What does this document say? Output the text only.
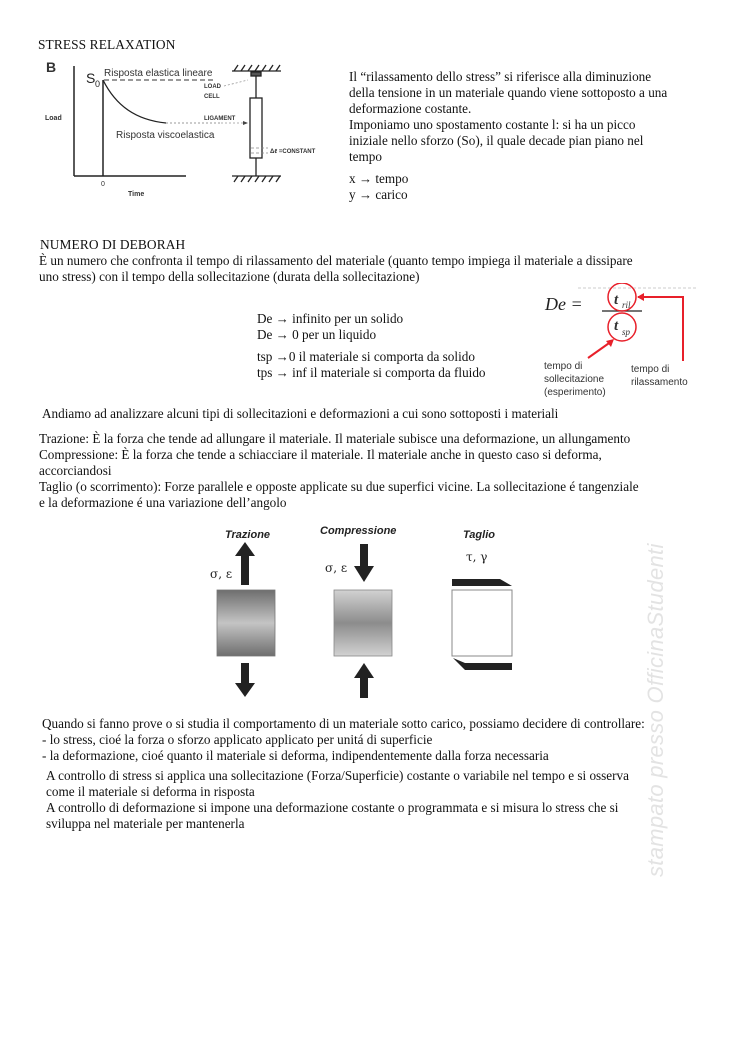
STRESS RELAXATION
B
S 0
Risposta elastica lineare
Risposta viscoelastica
Load
0
Time
LOAD
CELL
LIGAMENT
Δℓ =CONSTANT
Il “rilassamento dello stress” si riferisce alla diminuzione
della tensione in un materiale quando viene sottoposto a una
deformazione costante.
Imponiamo uno spostamento costante l: si ha un picco
iniziale nello sforzo (So), il quale decade pian piano nel
tempo
x → tempo
y → carico
NUMERO DI DEBORAH
È un numero che confronta il tempo di rilassamento del materiale (quanto tempo impiega il materiale a dissipare
uno stress) con il tempo della sollecitazione (durata della sollecitazione)
De → infinito per un solido
De → 0 per un liquido
tsp →0 il materiale si comporta da solido
tps → inf il materiale si comporta da fluido
De = t ril
t sp
tempo di
sollecitazione
(esperimento)
tempo di
rilassamento
Andiamo ad analizzare alcuni tipi di sollecitazioni e deformazioni a cui sono sottoposti i materiali
Trazione: È la forza che tende ad allungare il materiale. Il materiale subisce una deformazione, un allungamento
Compressione: È la forza che tende a schiacciare il materiale. Il materiale anche in questo caso si deforma,
accorciandosi
Taglio (o scorrimento): Forze parallele e opposte applicate su due superfici vicine. La sollecitazione é tangenziale
e la deformazione é una variazione dell’angolo
Trazione
σ, ε
Compressione
σ, ε
Taglio
τ, γ
Quando si fanno prove o si studia il comportamento di un materiale sotto carico, possiamo decidere di controllare:
- lo stress, cioé la forza o sforzo applicato applicato per unitá di superficie
- la deformazione, cioé quanto il materiale si deforma, indipendentemente dalla forza necessaria
A controllo di stress si applica una sollecitazione (Forza/Superficie) costante o variabile nel tempo e si osserva
come il materiale si deforma in risposta
A controllo di deformazione si impone una deformazione costante o programmata e si misura lo stress che si
sviluppa nel materiale per mantenerla	stampato presso OfficinaStudenti
